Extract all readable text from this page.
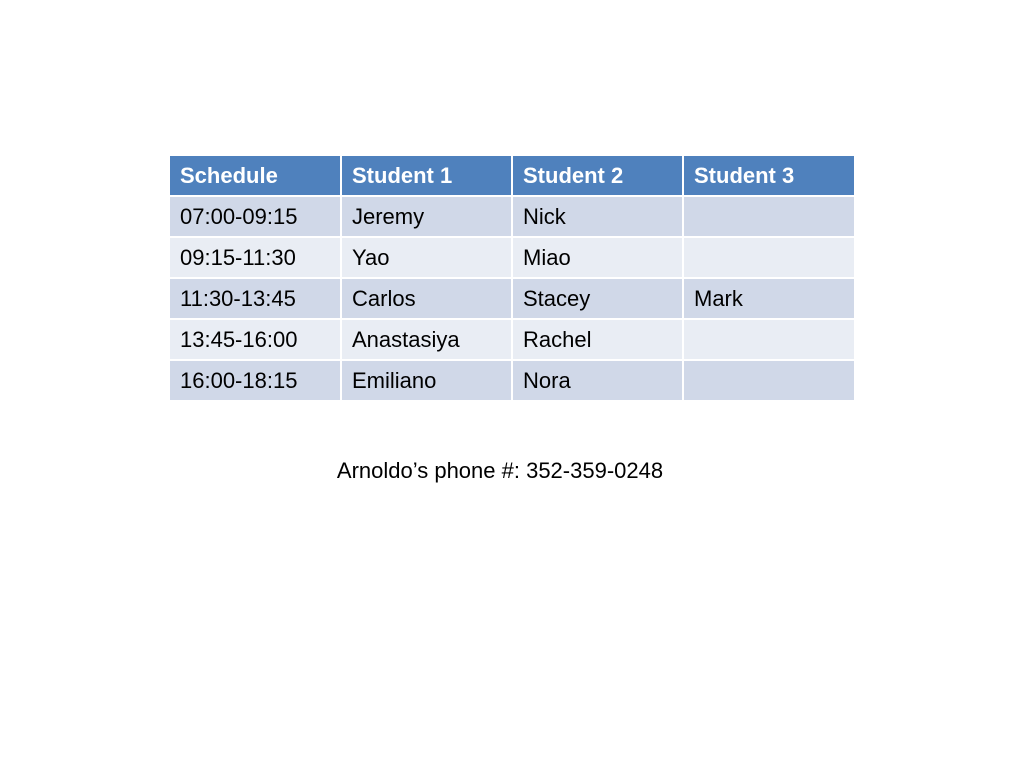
Schedule	Student 1	Student 2	Student 3
07:00-09:15	Jeremy	Nick	
09:15-11:30	Yao	Miao	
11:30-13:45	Carlos	Stacey	Mark
13:45-16:00	Anastasiya	Rachel	
16:00-18:15	Emiliano	Nora	
Arnoldo’s phone #: 352-359-0248
